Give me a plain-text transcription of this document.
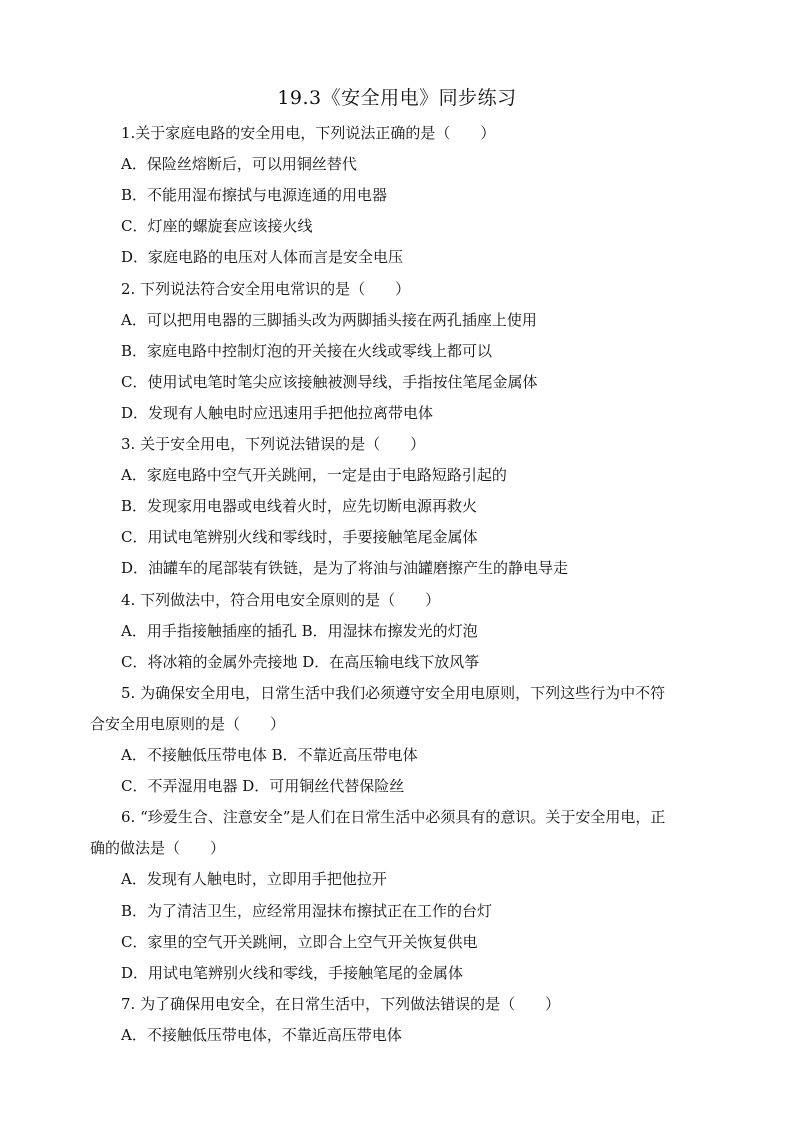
19.3《安全用电》同步练习
1.关于家庭电路的安全用电，下列说法正确的是（　　）
A．保险丝熔断后，可以用铜丝替代
B．不能用湿布擦拭与电源连通的用电器
C．灯座的螺旋套应该接火线
D．家庭电路的电压对人体而言是安全电压
2. 下列说法符合安全用电常识的是（　　）
A．可以把用电器的三脚插头改为两脚插头接在两孔插座上使用
B．家庭电路中控制灯泡的开关接在火线或零线上都可以
C．使用试电笔时笔尖应该接触被测导线，手指按住笔尾金属体
D．发现有人触电时应迅速用手把他拉离带电体
3. 关于安全用电，下列说法错误的是（　　）
A．家庭电路中空气开关跳闸，一定是由于电路短路引起的
B．发现家用电器或电线着火时，应先切断电源再救火
C．用试电笔辨别火线和零线时，手要接触笔尾金属体
D．油罐车的尾部装有铁链，是为了将油与油罐磨擦产生的静电导走
4. 下列做法中，符合用电安全原则的是（　　）
A．用手指接触插座的插孔 B．用湿抹布擦发光的灯泡
C．将冰箱的金属外壳接地 D．在高压输电线下放风筝
5. 为确保安全用电，日常生活中我们必须遵守安全用电原则，下列这些行为中不符
合安全用电原则的是（　　）
A．不接触低压带电体 B．不靠近高压带电体
C．不弄湿用电器 D．可用铜丝代替保险丝
6. “珍爱生合、注意安全”是人们在日常生活中必须具有的意识。关于安全用电，正
确的做法是（　　）
A．发现有人触电时，立即用手把他拉开
B．为了清洁卫生，应经常用湿抹布擦拭正在工作的台灯
C．家里的空气开关跳闸，立即合上空气开关恢复供电
D．用试电笔辨别火线和零线，手接触笔尾的金属体
7. 为了确保用电安全，在日常生活中，下列做法错误的是（　　）
A．不接触低压带电体，不靠近高压带电体
